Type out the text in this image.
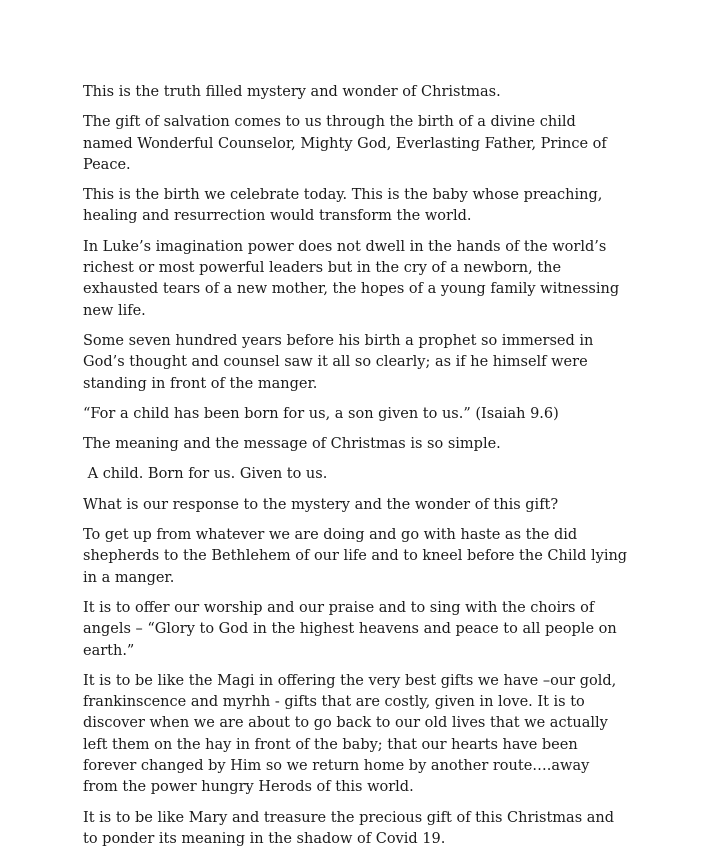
This is the truth filled mystery and wonder of Christmas.

The gift of salvation comes to us through the birth of a divine child named Wonderful Counselor, Mighty God, Everlasting Father, Prince of Peace.

This is the birth we celebrate today. This is the baby whose preaching, healing and resurrection would transform the world.

In Luke’s imagination power does not dwell in the hands of the world’s richest or most powerful leaders but in the cry of a newborn, the exhausted tears of a new mother, the hopes of a young family witnessing new life.

Some seven hundred years before his birth a prophet so immersed in God’s thought and counsel saw it all so clearly; as if he himself were standing in front of the manger.

“For a child has been born for us, a son given to us.” (Isaiah 9.6)

The meaning and the message of Christmas is so simple.

A child. Born for us. Given to us.

What is our response to the mystery and the wonder of this gift?

To get up from whatever we are doing and go with haste as the did shepherds to the Bethlehem of our life and to kneel before the Child lying in a manger.

It is to offer our worship and our praise and to sing with the choirs of angels – “Glory to God in the highest heavens and peace to all people on earth.”

It is to be like the Magi in offering the very best gifts we have –our gold, frankinscence and myrhh - gifts that are costly, given in love. It is to discover when we are about to go back to our old lives that we actually left them on the hay in front of the baby; that our hearts have been forever changed by Him so we return home by another route….away from the power hungry Herods of this world.

It is to be like Mary and treasure the precious gift of this Christmas and to ponder its meaning in the shadow of Covid 19.
